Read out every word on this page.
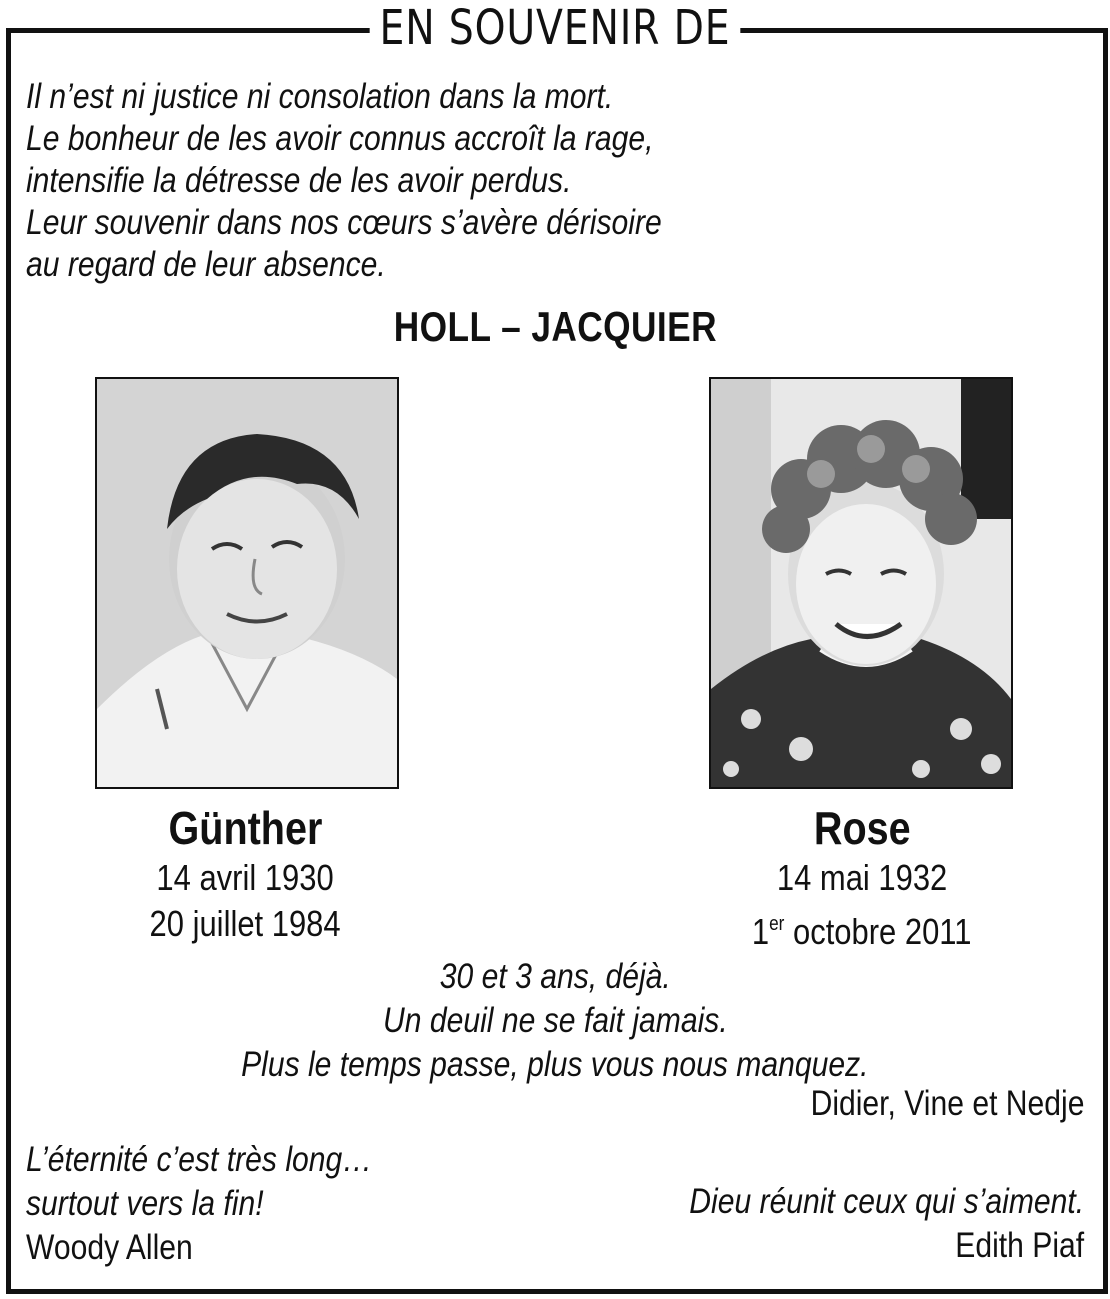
EN SOUVENIR DE
Il n’est ni justice ni consolation dans la mort.
Le bonheur de les avoir connus accroît la rage,
intensifie la détresse de les avoir perdus.
Leur souvenir dans nos cœurs s’avère dérisoire
au regard de leur absence.
HOLL – JACQUIER
Günther
14 avril 1930
20 juillet 1984
Rose
14 mai 1932
1er octobre 2011
30 et 3 ans, déjà.
Un deuil ne se fait jamais.
Plus le temps passe, plus vous nous manquez.
Didier, Vine et Nedje
L’éternité c’est très long…
surtout vers la fin!
Woody Allen
Dieu réunit ceux qui s’aiment.
Edith Piaf
